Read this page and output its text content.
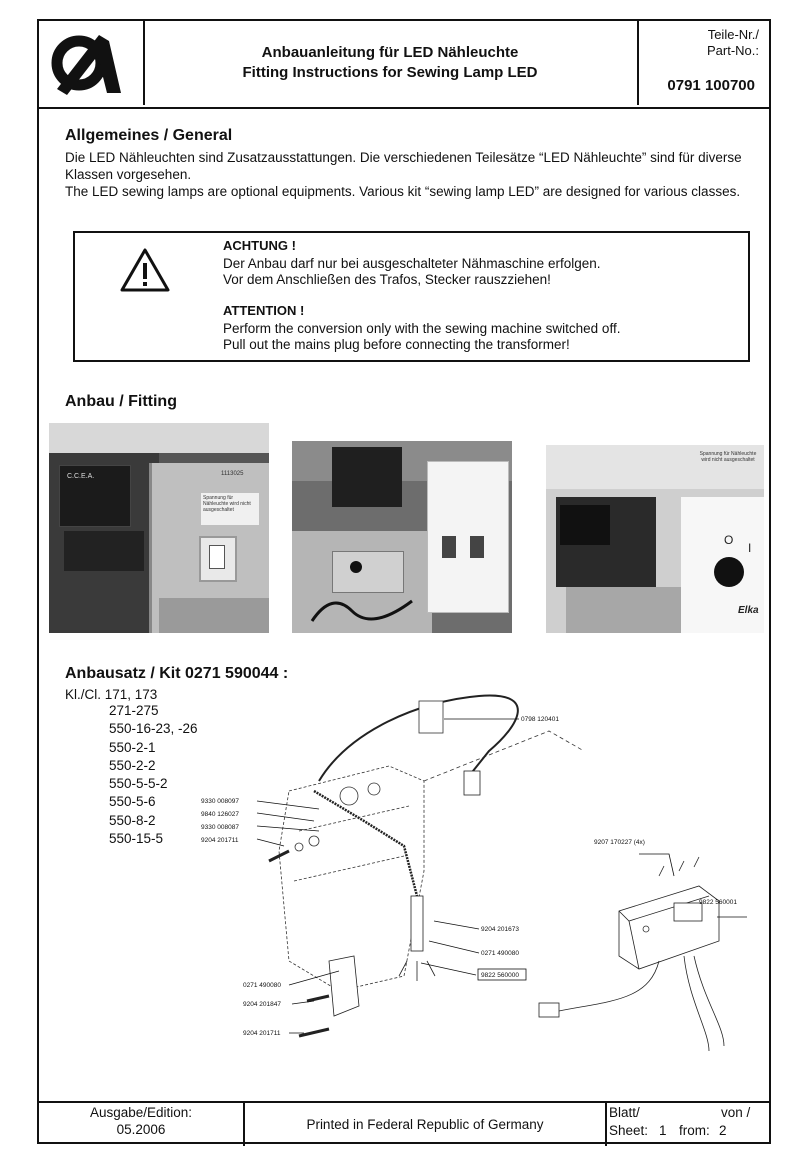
Anbauanleitung für LED Nähleuchte
Fitting Instructions for Sewing Lamp LED
Teile-Nr./
Part-No.:
0791 100700
Allgemeines / General
Die LED Nähleuchten sind Zusatzausstattungen. Die verschiedenen Teilesätze “LED Nähleuchte” sind für diverse Klassen vorgesehen.
The LED sewing lamps are optional equipments. Various kit “sewing lamp LED” are designed for various classes.
ACHTUNG !
Der Anbau darf nur bei ausgeschalteter Nähmaschine erfolgen.
Vor dem Anschließen des Trafos, Stecker rauszziehen!
ATTENTION !
Perform the conversion only with the sewing machine switched off.
Pull out the mains plug before connecting the transformer!
Anbau / Fitting
C.C.E.A.	1113025
Spannung für Nähleuchte wird nicht ausgeschaltet
Spannung für Nähleuchte wird nicht ausgeschaltet
O
I
Elka
Anbausatz / Kit 0271 590044 :
Kl./Cl. 171, 173
271-275
550-16-23, -26
550-2-1
550-2-2
550-5-5-2
550-5-6
550-8-2
550-15-5
0798 120401
9330 008097
9840 126027
9330 008087
9204 201711
9204 201673
0271 490080
9822 560000
0271 490080
9204 201847
9204 201711
9207 170227 (4x)
9822 560001
Ausgabe/Edition:
05.2006	Printed in Federal Republic of Germany
Blatt/	von /
Sheet: 1 from: 2
